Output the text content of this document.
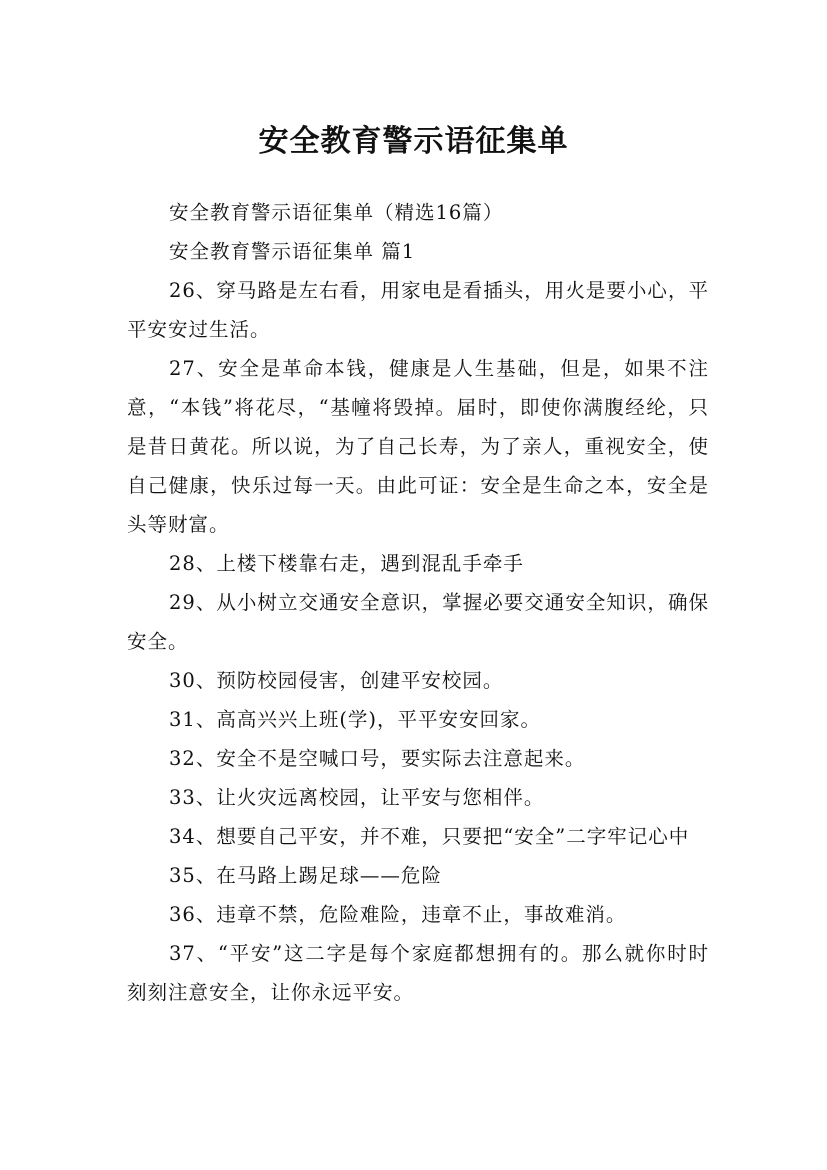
安全教育警示语征集单

安全教育警示语征集单（精选16篇）

安全教育警示语征集单 篇1

26、穿马路是左右看，用家电是看插头，用火是要小心，平平安安过生活。

27、安全是革命本钱，健康是人生基础，但是，如果不注意，“本钱”将花尽，“基幢将毁掉。届时，即使你满腹经纶，只是昔日黄花。所以说，为了自己长寿，为了亲人，重视安全，使自己健康，快乐过每一天。由此可证：安全是生命之本，安全是头等财富。

28、上楼下楼靠右走，遇到混乱手牵手

29、从小树立交通安全意识，掌握必要交通安全知识，确保安全。

30、预防校园侵害，创建平安校园。

31、高高兴兴上班(学)，平平安安回家。

32、安全不是空喊口号，要实际去注意起来。

33、让火灾远离校园，让平安与您相伴。

34、想要自己平安，并不难，只要把“安全”二字牢记心中

35、在马路上踢足球——危险

36、违章不禁，危险难险，违章不止，事故难消。

37、“平安”这二字是每个家庭都想拥有的。那么就你时时刻刻注意安全，让你永远平安。
